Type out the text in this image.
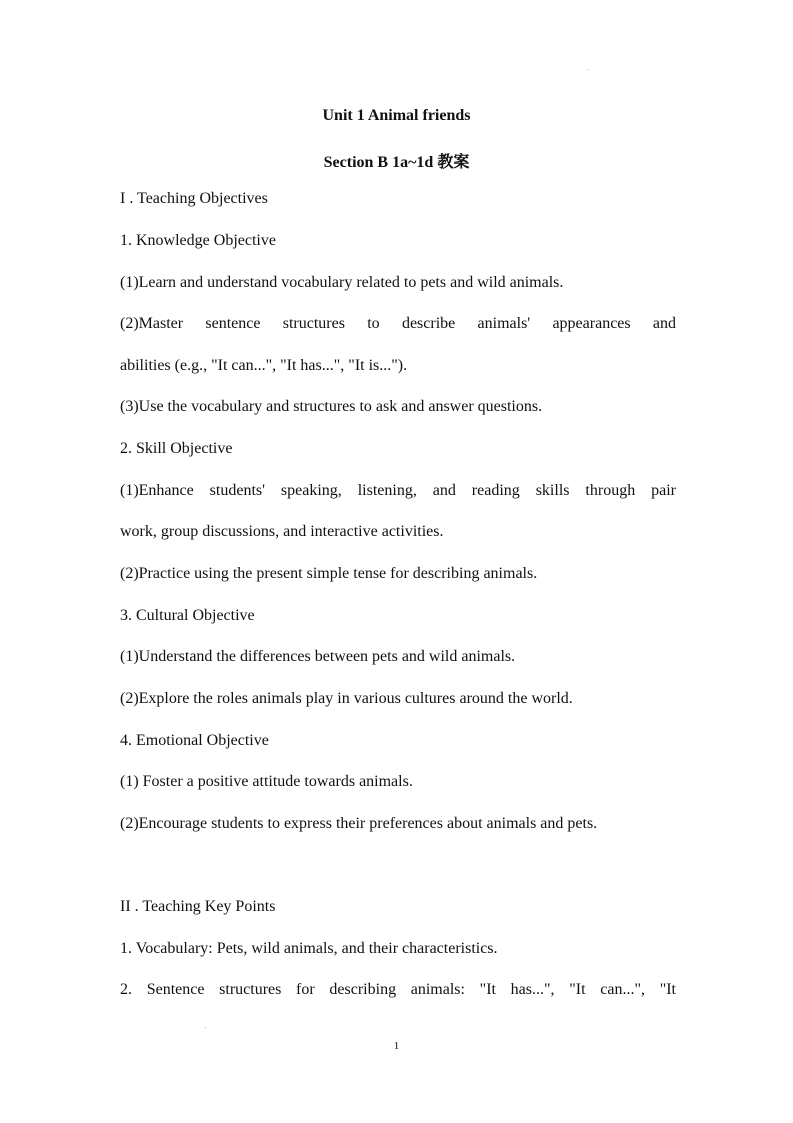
Unit 1 Animal friends
Section B 1a~1d 教案
I . Teaching Objectives
1. Knowledge Objective
(1)Learn and understand vocabulary related to pets and wild animals.
(2)Master sentence structures to describe animals' appearances and
abilities (e.g., "It can...", "It has...", "It is...").
(3)Use the vocabulary and structures to ask and answer questions.
2. Skill Objective
(1)Enhance students' speaking, listening, and reading skills through pair
work, group discussions, and interactive activities.
(2)Practice using the present simple tense for describing animals.
3. Cultural Objective
(1)Understand the differences between pets and wild animals.
(2)Explore the roles animals play in various cultures around the world.
4. Emotional Objective
(1) Foster a positive attitude towards animals.
(2)Encourage students to express their preferences about animals and pets.
II . Teaching Key Points
1. Vocabulary: Pets, wild animals, and their characteristics.
2. Sentence structures for describing animals: "It has...", "It can...", "It
1
